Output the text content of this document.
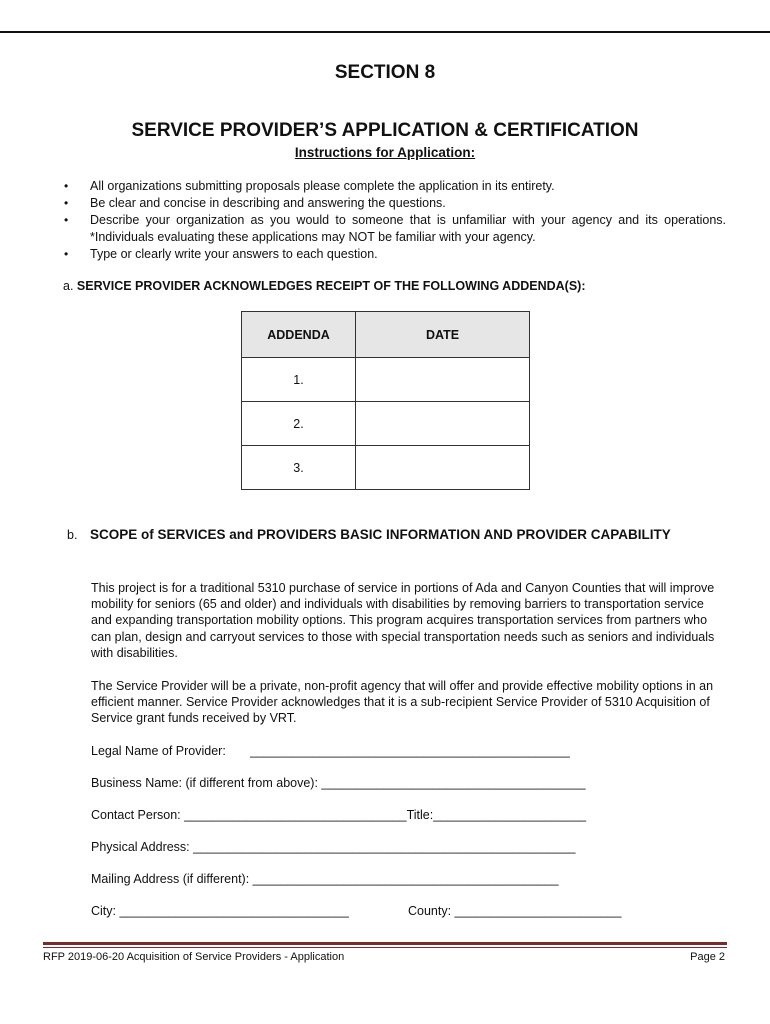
SECTION 8
SERVICE PROVIDER’S APPLICATION & CERTIFICATION
Instructions for Application:
• All organizations submitting proposals please complete the application in its entirety.
• Be clear and concise in describing and answering the questions.
• Describe your organization as you would to someone that is unfamiliar with your agency and its operations. *Individuals evaluating these applications may NOT be familiar with your agency.
• Type or clearly write your answers to each question.
a. SERVICE PROVIDER ACKNOWLEDGES RECEIPT OF THE FOLLOWING ADDENDA(S):
ADDENDA	DATE
1.	
2.	
3.	
b. SCOPE of SERVICES and PROVIDERS BASIC INFORMATION AND PROVIDER CAPABILITY

This project is for a traditional 5310 purchase of service in portions of Ada and Canyon Counties that will improve mobility for seniors (65 and older) and individuals with disabilities by removing barriers to transportation service and expanding transportation mobility options. This program acquires transportation services from partners who can plan, design and carryout services to those with special transportation needs such as seniors and individuals with disabilities.

The Service Provider will be a private, non-profit agency that will offer and provide effective mobility options in an efficient manner. Service Provider acknowledges that it is a sub-recipient Service Provider of 5310 Acquisition of Service grant funds received by VRT.

Legal Name of Provider:       ______________________________________________
Business Name: (if different from above): ______________________________________
Contact Person: ________________________________Title:______________________
Physical Address: _______________________________________________________
Mailing Address (if different): ____________________________________________
City: _________________________________	County: ________________________
RFP 2019-06-20 Acquisition of Service Providers - Application	Page 2
